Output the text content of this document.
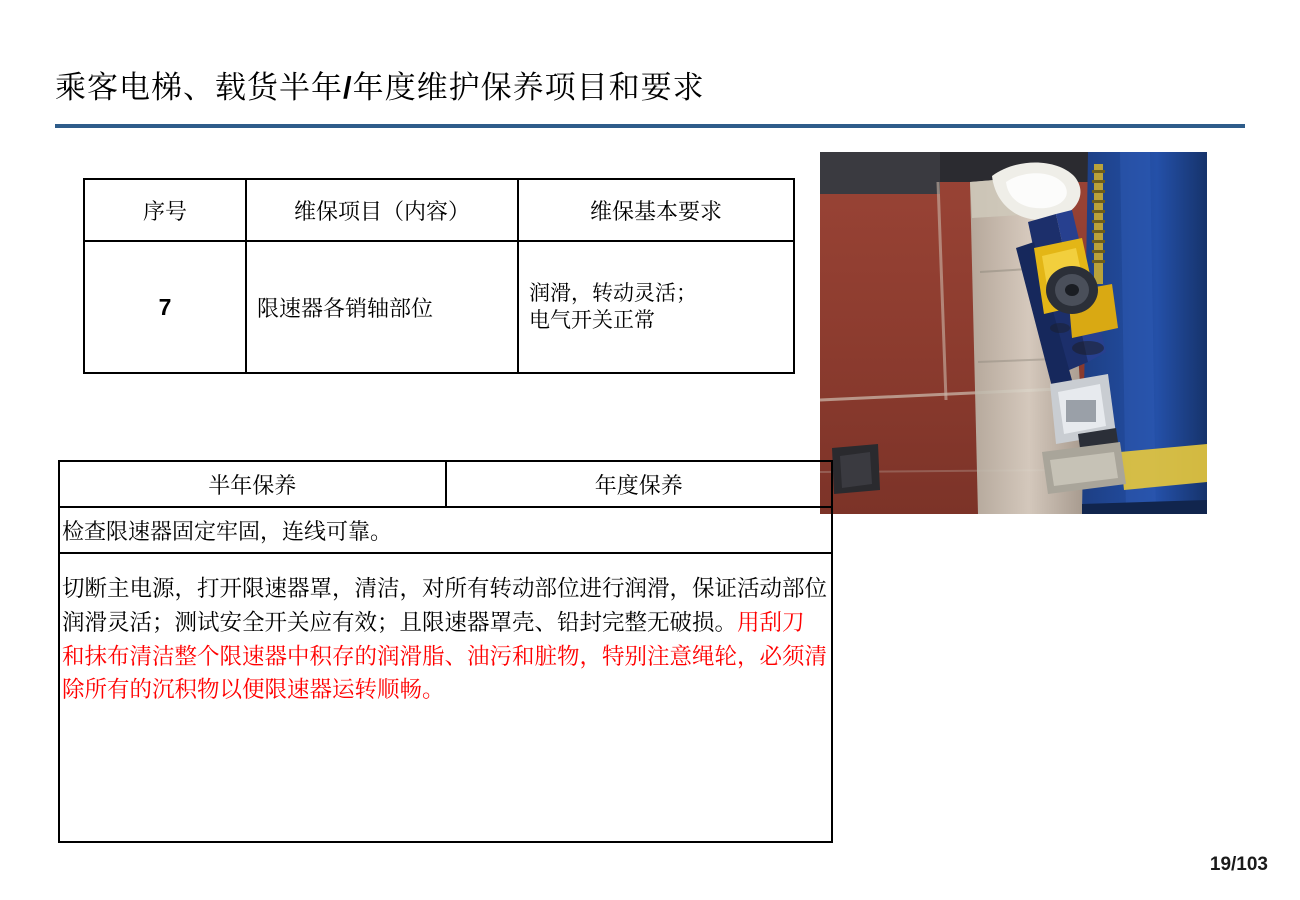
乘客电梯、载货半年/年度维护保养项目和要求
序号	维保项目（内容）	维保基本要求
7	限速器各销轴部位	润滑，转动灵活；
电气开关正常
半年保养	年度保养
检查限速器固定牢固，连线可靠。

切断主电源，打开限速器罩，清洁，对所有转动部位进行润滑，保证活动部位润滑灵活；测试安全开关应有效；且限速器罩壳、铅封完整无破损。用刮刀和抹布清洁整个限速器中积存的润滑脂、油污和脏物，特别注意绳轮，必须清除所有的沉积物以便限速器运转顺畅。

19/103
